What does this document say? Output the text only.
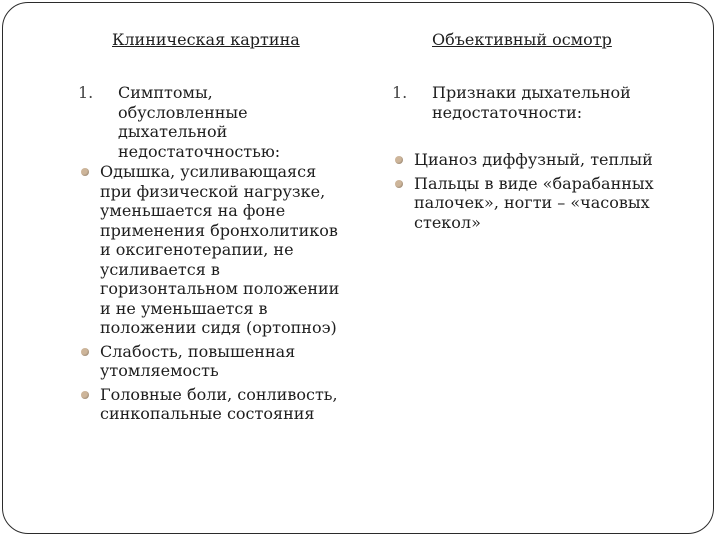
Клиническая картина
1.	Симптомы,
обусловленные
дыхательной
недостаточностью:
Одышка, усиливающаяся
при физической нагрузке,
уменьшается на фоне
применения бронхолитиков
и оксигенотерапии, не
усиливается в
горизонтальном положении
и не уменьшается в
положении сидя (ортопноэ)
Слабость, повышенная
утомляемость
Головные боли, сонливость,
синкопальные состояния
Объективный осмотр
1.	Признаки дыхательной
недостаточности:
Цианоз диффузный, теплый
Пальцы в виде «барабанных
палочек», ногти – «часовых
стекол»
